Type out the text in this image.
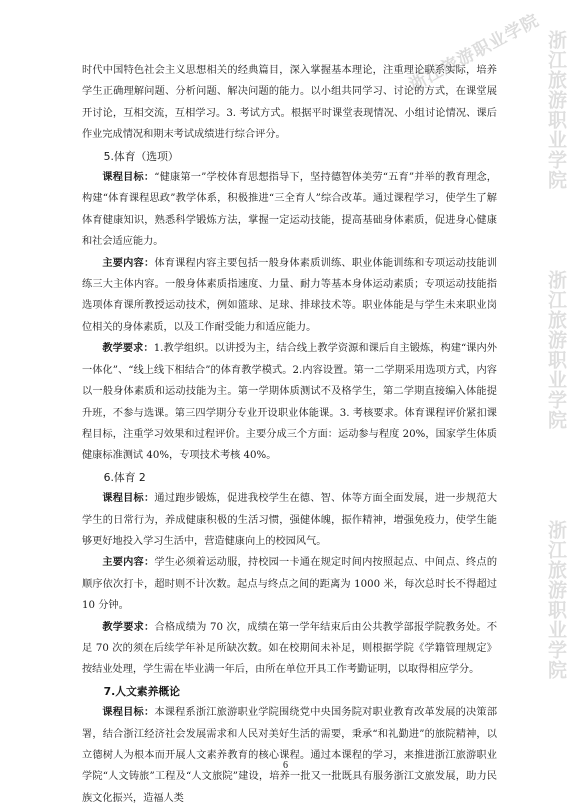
浙江旅游职业学院 浙江旅游职业学院
浙江旅游职业学院
浙江旅游职业学院

时代中国特色社会主义思想相关的经典篇目，深入掌握基本理论，注重理论联系实际，培养学生正确理解问题、分析问题、解决问题的能力。以小组共同学习、讨论的方式，在课堂展开讨论，互相交流，互相学习。3. 考试方式。根据平时课堂表现情况、小组讨论情况、课后作业完成情况和期末考试成绩进行综合评分。

5.体育（选项）

课程目标：“健康第一”学校体育思想指导下，坚持德智体美劳“五育”并举的教育理念，构建“体育课程思政”教学体系，积极推进“三全育人”综合改革。通过课程学习，使学生了解体育健康知识，熟悉科学锻炼方法，掌握一定运动技能，提高基础身体素质，促进身心健康和社会适应能力。

主要内容：体育课程内容主要包括一般身体素质训练、职业体能训练和专项运动技能训练三大主体内容。一般身体素质指速度、力量、耐力等基本身体运动素质；专项运动技能指选项体育课所教授运动技术，例如篮球、足球、排球技术等。职业体能是与学生未来职业岗位相关的身体素质，以及工作耐受能力和适应能力。

教学要求：1.教学组织。以讲授为主，结合线上教学资源和课后自主锻炼，构建“课内外一体化”、“线上线下相结合”的体育教学模式。2.内容设置。第一二学期采用选项方式，内容以一般身体素质和运动技能为主。第一学期体质测试不及格学生，第二学期直接编入体能提升班，不参与选课。第三四学期分专业开设职业体能课。3. 考核要求。体育课程评价紧扣课程目标，注重学习效果和过程评价。主要分成三个方面：运动参与程度 20%，国家学生体质健康标准测试 40%，专项技术考核 40%。

6.体育 2

课程目标：通过跑步锻炼，促进我校学生在德、智、体等方面全面发展，进一步规范大学生的日常行为，养成健康积极的生活习惯，强健体魄，振作精神，增强免疫力，使学生能够更好地投入学习生活中，营造健康向上的校园风气。

主要内容：学生必须着运动服，持校园一卡通在规定时间内按照起点、中间点、终点的顺序依次打卡，超时则不计次数。起点与终点之间的距离为 1000 米，每次总时长不得超过 10 分钟。

教学要求：合格成绩为 70 次，成绩在第一学年结束后由公共教学部报学院教务处。不足 70 次的须在后续学年补足所缺次数。如在校期间未补足，则根据学院《学籍管理规定》按结业处理，学生需在毕业满一年后，由所在单位开具工作考勤证明，以取得相应学分。

7.人文素养概论

课程目标：本课程系浙江旅游职业学院围绕党中央国务院对职业教育改革发展的决策部署，结合浙江经济社会发展需求和人民对美好生活的需要，秉承“和礼勤进”的旅院精神，以立德树人为根本而开展人文素养教育的核心课程。通过本课程的学习，来推进浙江旅游职业学院“人文铸旅”工程及“人文旅院”建设，培养一批又一批既具有服务浙江文旅发展，助力民族文化振兴，造福人类

6
